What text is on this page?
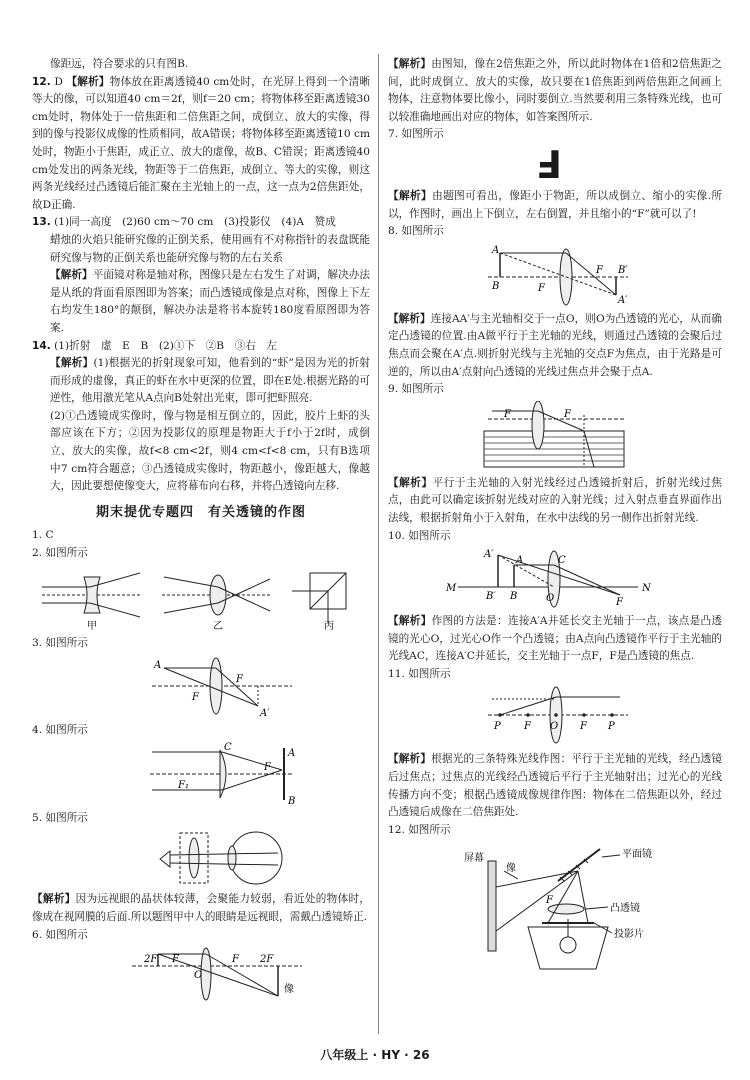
像距远，符合要求的只有图B.

12. D 【解析】物体放在距离透镜40 cm处时，在光屏上得到一个清晰等大的像，可以知道40 cm＝2f，则f＝20 cm；将物体移至距离透镜30 cm处时，物体处于一倍焦距和二倍焦距之间，成倒立、放大的实像，得到的像与投影仪成像的性质相同，故A错误；将物体移至距离透镜10 cm处时，物距小于焦距，成正立、放大的虚像，故B、C错误；距离透镜40 cm处发出的两条光线，物距等于二倍焦距，成倒立、等大的实像，则这两条光线经过凸透镜后能汇聚在主光轴上的一点，这一点为2倍焦距处，故D正确.

13. (1)同一高度　(2)60 cm～70 cm　(3)投影仪　(4)A　赞成

蜡烛的火焰只能研究像的正倒关系，使用画有不对称指针的表盘既能研究像与物的正倒关系也能研究像与物的左右关系

【解析】平面镜对称是轴对称，图像只是左右发生了对调，解决办法是从纸的背面看原图即为答案；而凸透镜成像是点对称，图像上下左右均发生180°的颠倒，解决办法是将书本旋转180度看原图即为答案.

14. (1)折射　虚　E　B　(2)①下　②B　③右　左

【解析】(1)根据光的折射现象可知，他看到的“虾”是因为光的折射而形成的虚像，真正的虾在水中更深的位置，即在E处.根据光路的可逆性，他用激光笔从A点向B处射出光束，即可把虾照亮.

(2)①凸透镜成实像时，像与物是相互倒立的，因此，胶片上虾的头部应该在下方；②因为投影仪的原理是物距大于f小于2f时，成倒立、放大的实像，故f<8 cm<2f，则4 cm<f<8 cm，只有B选项中7 cm符合题意；③凸透镜成实像时，物距越小，像距越大，像越大，因此要想使像变大，应将幕布向右移，并将凸透镜向左移.

期末提优专题四　有关透镜的作图

1. C

2. 如图所示

甲	乙	丙

3. 如图所示

A
F
F
A′

4. 如图所示

C
A
F
F₁
B

5. 如图所示

【解析】因为远视眼的晶状体较薄，会聚能力较弱，看近处的物体时，像成在视网膜的后面.所以题图甲中人的眼睛是远视眼，需戴凸透镜矫正.

6. 如图所示

2F F
O
F 2F
像

【解析】由图知，像在2倍焦距之外，所以此时物体在1倍和2倍焦距之间，此时成倒立、放大的实像，故只要在1倍焦距到两倍焦距之间画上物体，注意物体要比像小，同时要倒立.当然要利用三条特殊光线，也可以较准确地画出对应的物体，如答案图所示.

7. 如图所示

F

【解析】由题图可看出，像距小于物距，所以成倒立、缩小的实像.所以，作图时，画出上下倒立，左右倒置，并且缩小的“F”就可以了!

8. 如图所示

A
B	F
F B′
A′

【解析】连接AA′与主光轴相交于一点O，则O为凸透镜的光心，从而确定凸透镜的位置.由A做平行于主光轴的光线，则通过凸透镜的会聚后过焦点而会聚在A′点.则折射光线与主光轴的交点F为焦点，由于光路是可逆的，所以由A′点射向凸透镜的光线过焦点并会聚于点A.

9. 如图所示

F	F

【解析】平行于主光轴的入射光线经过凸透镜折射后，折射光线过焦点，由此可以确定该折射光线对应的入射光线；过入射点垂直界面作出法线，根据折射角小于入射角，在水中法线的另一侧作出折射光线.

10. 如图所示

A′
A	C
M
B′ B	O	F
N

【解析】作图的方法是：连接A′A并延长交主光轴于一点，该点是凸透镜的光心O，过光心O作一个凸透镜；由A点向凸透镜作平行于主光轴的光线AC，连接A′C并延长，交主光轴于一点F，F是凸透镜的焦点.

11. 如图所示

P F O F P

【解析】根据光的三条特殊光线作图：平行于主光轴的光线，经凸透镜后过焦点；过焦点的光线经凸透镜后平行于主光轴射出；过光心的光线传播方向不变；根据凸透镜成像规律作图：物体在二倍焦距以外，经过凸透镜后成像在二倍焦距处.

12. 如图所示

屏幕
像
平面镜
凸透镜
投影片
F
八年级上 · HY · 26
